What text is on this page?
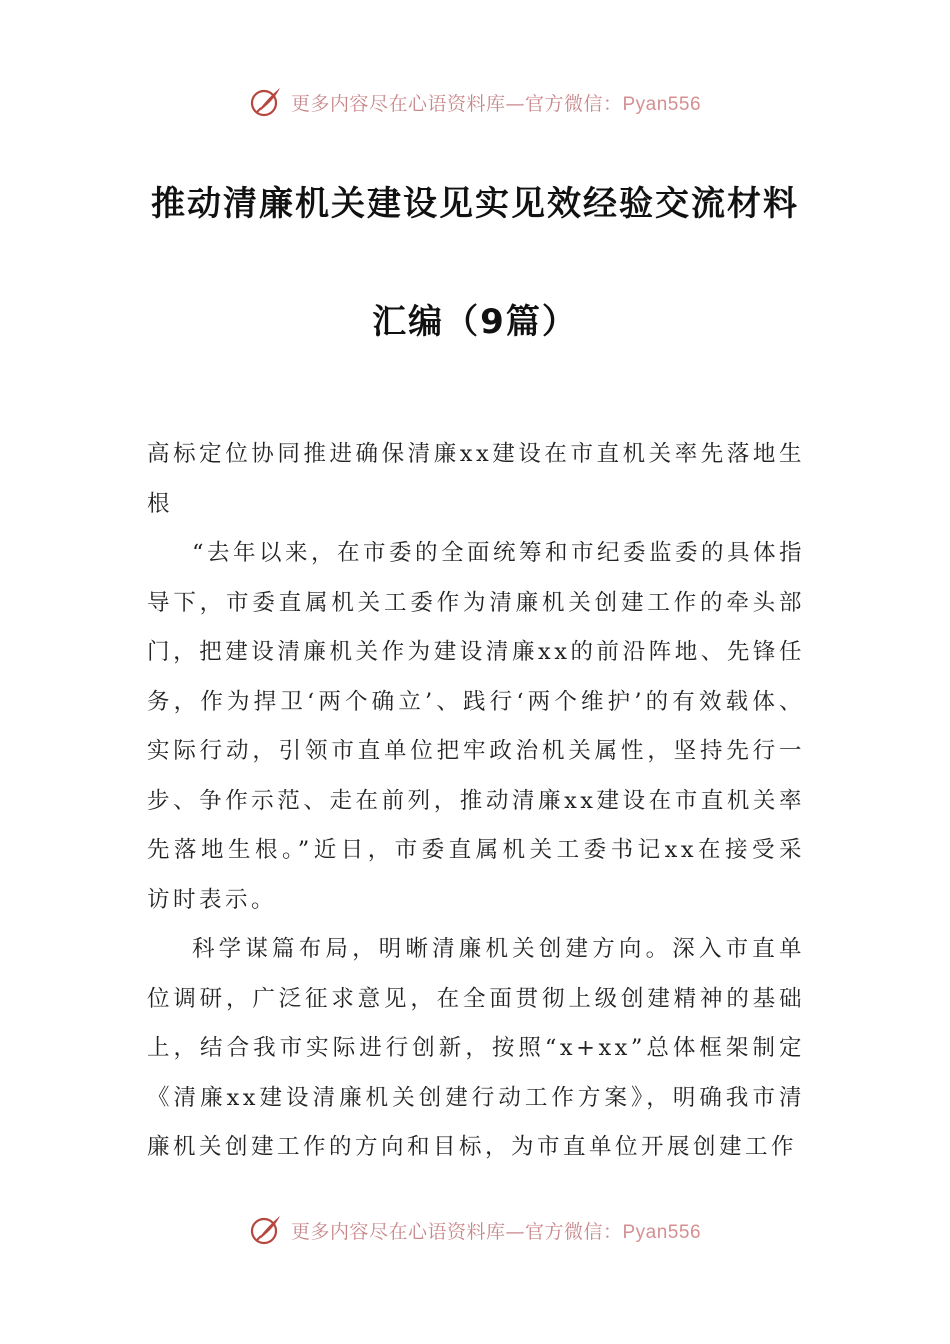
更多内容尽在心语资料库—官方微信：Pyan556
推动清廉机关建设见实见效经验交流材料
汇编（9篇）

高标定位协同推进确保清廉xx建设在市直机关率先落地生根

“去年以来，在市委的全面统筹和市纪委监委的具体指导下，市委直属机关工委作为清廉机关创建工作的牵头部门，把建设清廉机关作为建设清廉xx的前沿阵地、先锋任务，作为捍卫‘两个确立’、践行‘两个维护’的有效载体、实际行动，引领市直单位把牢政治机关属性，坚持先行一步、争作示范、走在前列，推动清廉xx建设在市直机关率先落地生根。”近日，市委直属机关工委书记xx在接受采访时表示。

科学谋篇布局，明晰清廉机关创建方向。深入市直单位调研，广泛征求意见，在全面贯彻上级创建精神的基础上，结合我市实际进行创新，按照“x+xx”总体框架制定《清廉xx建设清廉机关创建行动工作方案》，明确我市清廉机关创建工作的方向和目标，为市直单位开展创建工作

更多内容尽在心语资料库—官方微信：Pyan556
